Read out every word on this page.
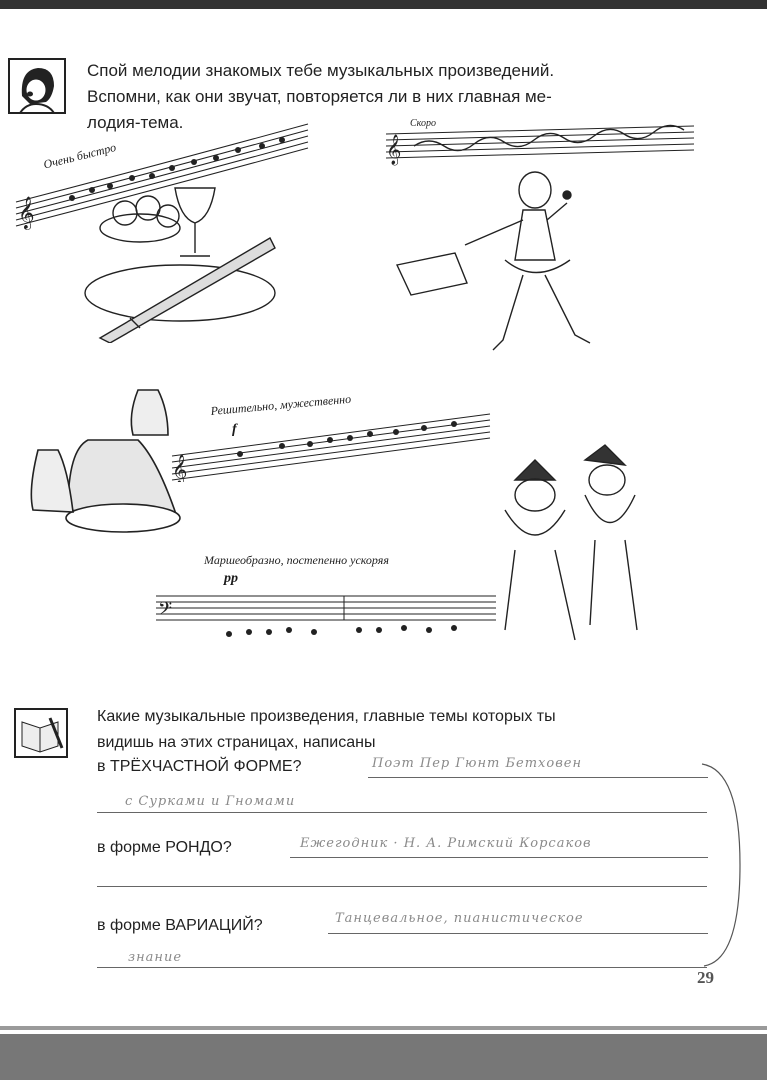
Спой мелодии знакомых тебе музыкальных произведений.
Вспомни, как они звучат, повторяется ли в них главная ме-
лодия-тема.
Очень быстро
𝄞
Скоро
𝄞
Решительно, мужественно
f
𝄞
Маршеобразно, постепенно ускоряя
pp
𝄢
Какие музыкальные произведения, главные темы которых ты
видишь на этих страницах, написаны
в ТРЁХЧАСТНОЙ ФОРМЕ?	Поэт Пер Гюнт Бетховен
с Сурками и Гномами
в форме РОНДО?	Ежегодник · Н. А. Римский Корсаков
в форме ВАРИАЦИЙ?	Танцевальное, пианистическое
знание
29
